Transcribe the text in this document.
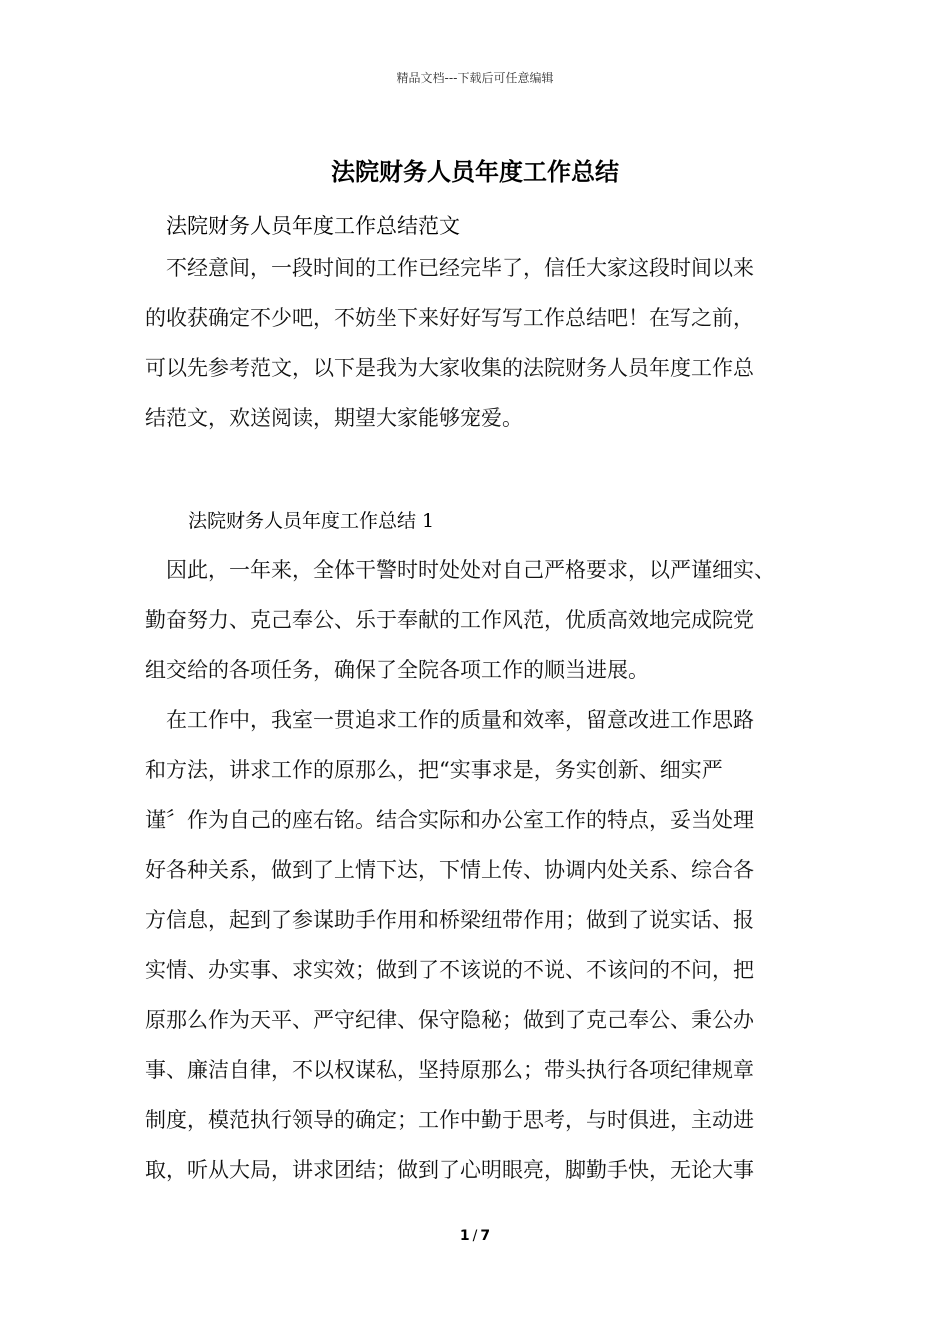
精品文档---下载后可任意编辑
法院财务人员年度工作总结
法院财务人员年度工作总结范文
　不经意间，一段时间的工作已经完毕了，信任大家这段时间以来
的收获确定不少吧，不妨坐下来好好写写工作总结吧！在写之前，
可以先参考范文，以下是我为大家收集的法院财务人员年度工作总
结范文，欢送阅读，期望大家能够宠爱。
法院财务人员年度工作总结 1
　因此，一年来，全体干警时时处处对自己严格要求，以严谨细实、
勤奋努力、克己奉公、乐于奉献的工作风范，优质高效地完成院党
组交给的各项任务，确保了全院各项工作的顺当进展。
　在工作中，我室一贯追求工作的质量和效率，留意改进工作思路
和方法，讲求工作的原那么，把“实事求是，务实创新、细实严
谨〞作为自己的座右铭。结合实际和办公室工作的特点，妥当处理
好各种关系，做到了上情下达，下情上传、协调内处关系、综合各
方信息，起到了参谋助手作用和桥梁纽带作用；做到了说实话、报
实情、办实事、求实效；做到了不该说的不说、不该问的不问，把
原那么作为天平、严守纪律、保守隐秘；做到了克己奉公、秉公办
事、廉洁自律，不以权谋私，坚持原那么；带头执行各项纪律规章
制度，模范执行领导的确定；工作中勤于思考，与时俱进，主动进
取，听从大局，讲求团结；做到了心明眼亮，脚勤手快，无论大事
1 / 7
